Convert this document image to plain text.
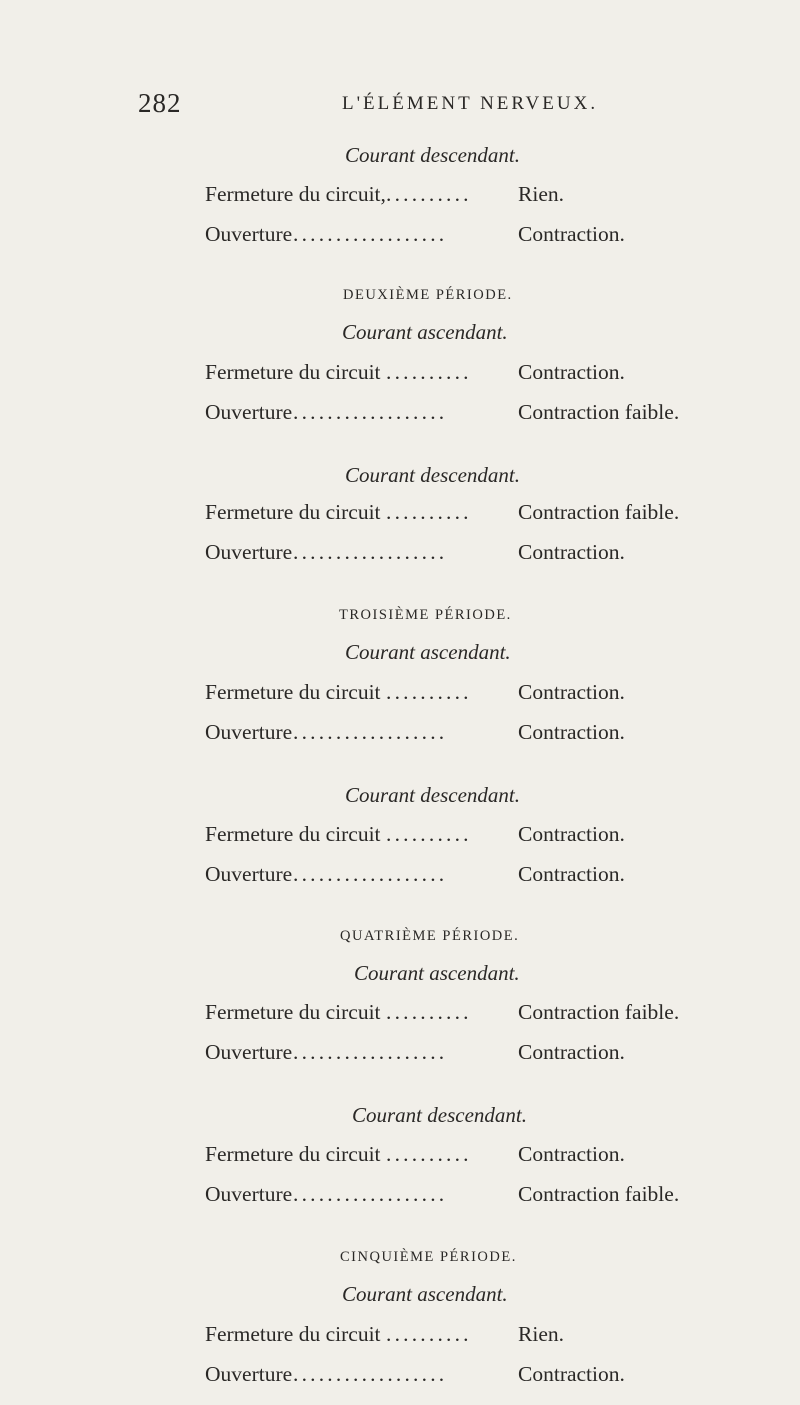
282	L'ÉLÉMENT NERVEUX.
Courant descendant.
Fermeture du circuit, .......... Rien.
Ouverture ..................	Contraction.
DEUXIÈME PÉRIODE.
Courant ascendant.
Fermeture du circuit .......... Contraction.
Ouverture ..................	Contraction faible.
Courant descendant.
Fermeture du circuit .......... Contraction faible.
Ouverture ..................	Contraction.
TROISIÈME PÉRIODE.
Courant ascendant.
Fermeture du circuit .......... Contraction.
Ouverture ..................	Contraction.
Courant descendant.
Fermeture du circuit .......... Contraction.
Ouverture ..................	Contraction.
QUATRIÈME PÉRIODE.
Courant ascendant.
Fermeture du circuit .......... Contraction faible.
Ouverture ..................	Contraction.
Courant descendant.
Fermeture du circuit .......... Contraction.
Ouverture ..................	Contraction faible.
CINQUIÈME PÉRIODE.
Courant ascendant.
Fermeture du circuit .......... Rien.
Ouverture ..................	Contraction.
